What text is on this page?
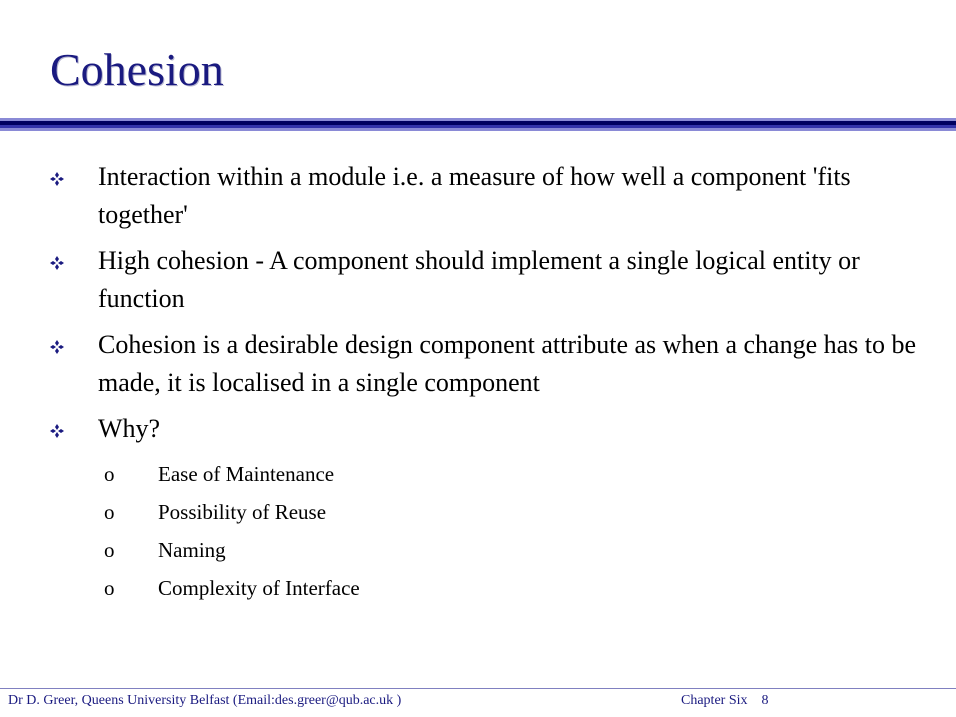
Cohesion
Interaction within a module i.e. a measure of how well a component 'fits together'
High cohesion - A component should implement a single logical entity or function
Cohesion is a desirable design component attribute as when a change has to be made, it is localised in a single component
Why?
o Ease of Maintenance
o Possibility of Reuse
o Naming
o Complexity of Interface
Dr D. Greer, Queens University Belfast (Email:des.greer@qub.ac.uk )	Chapter Six 8
